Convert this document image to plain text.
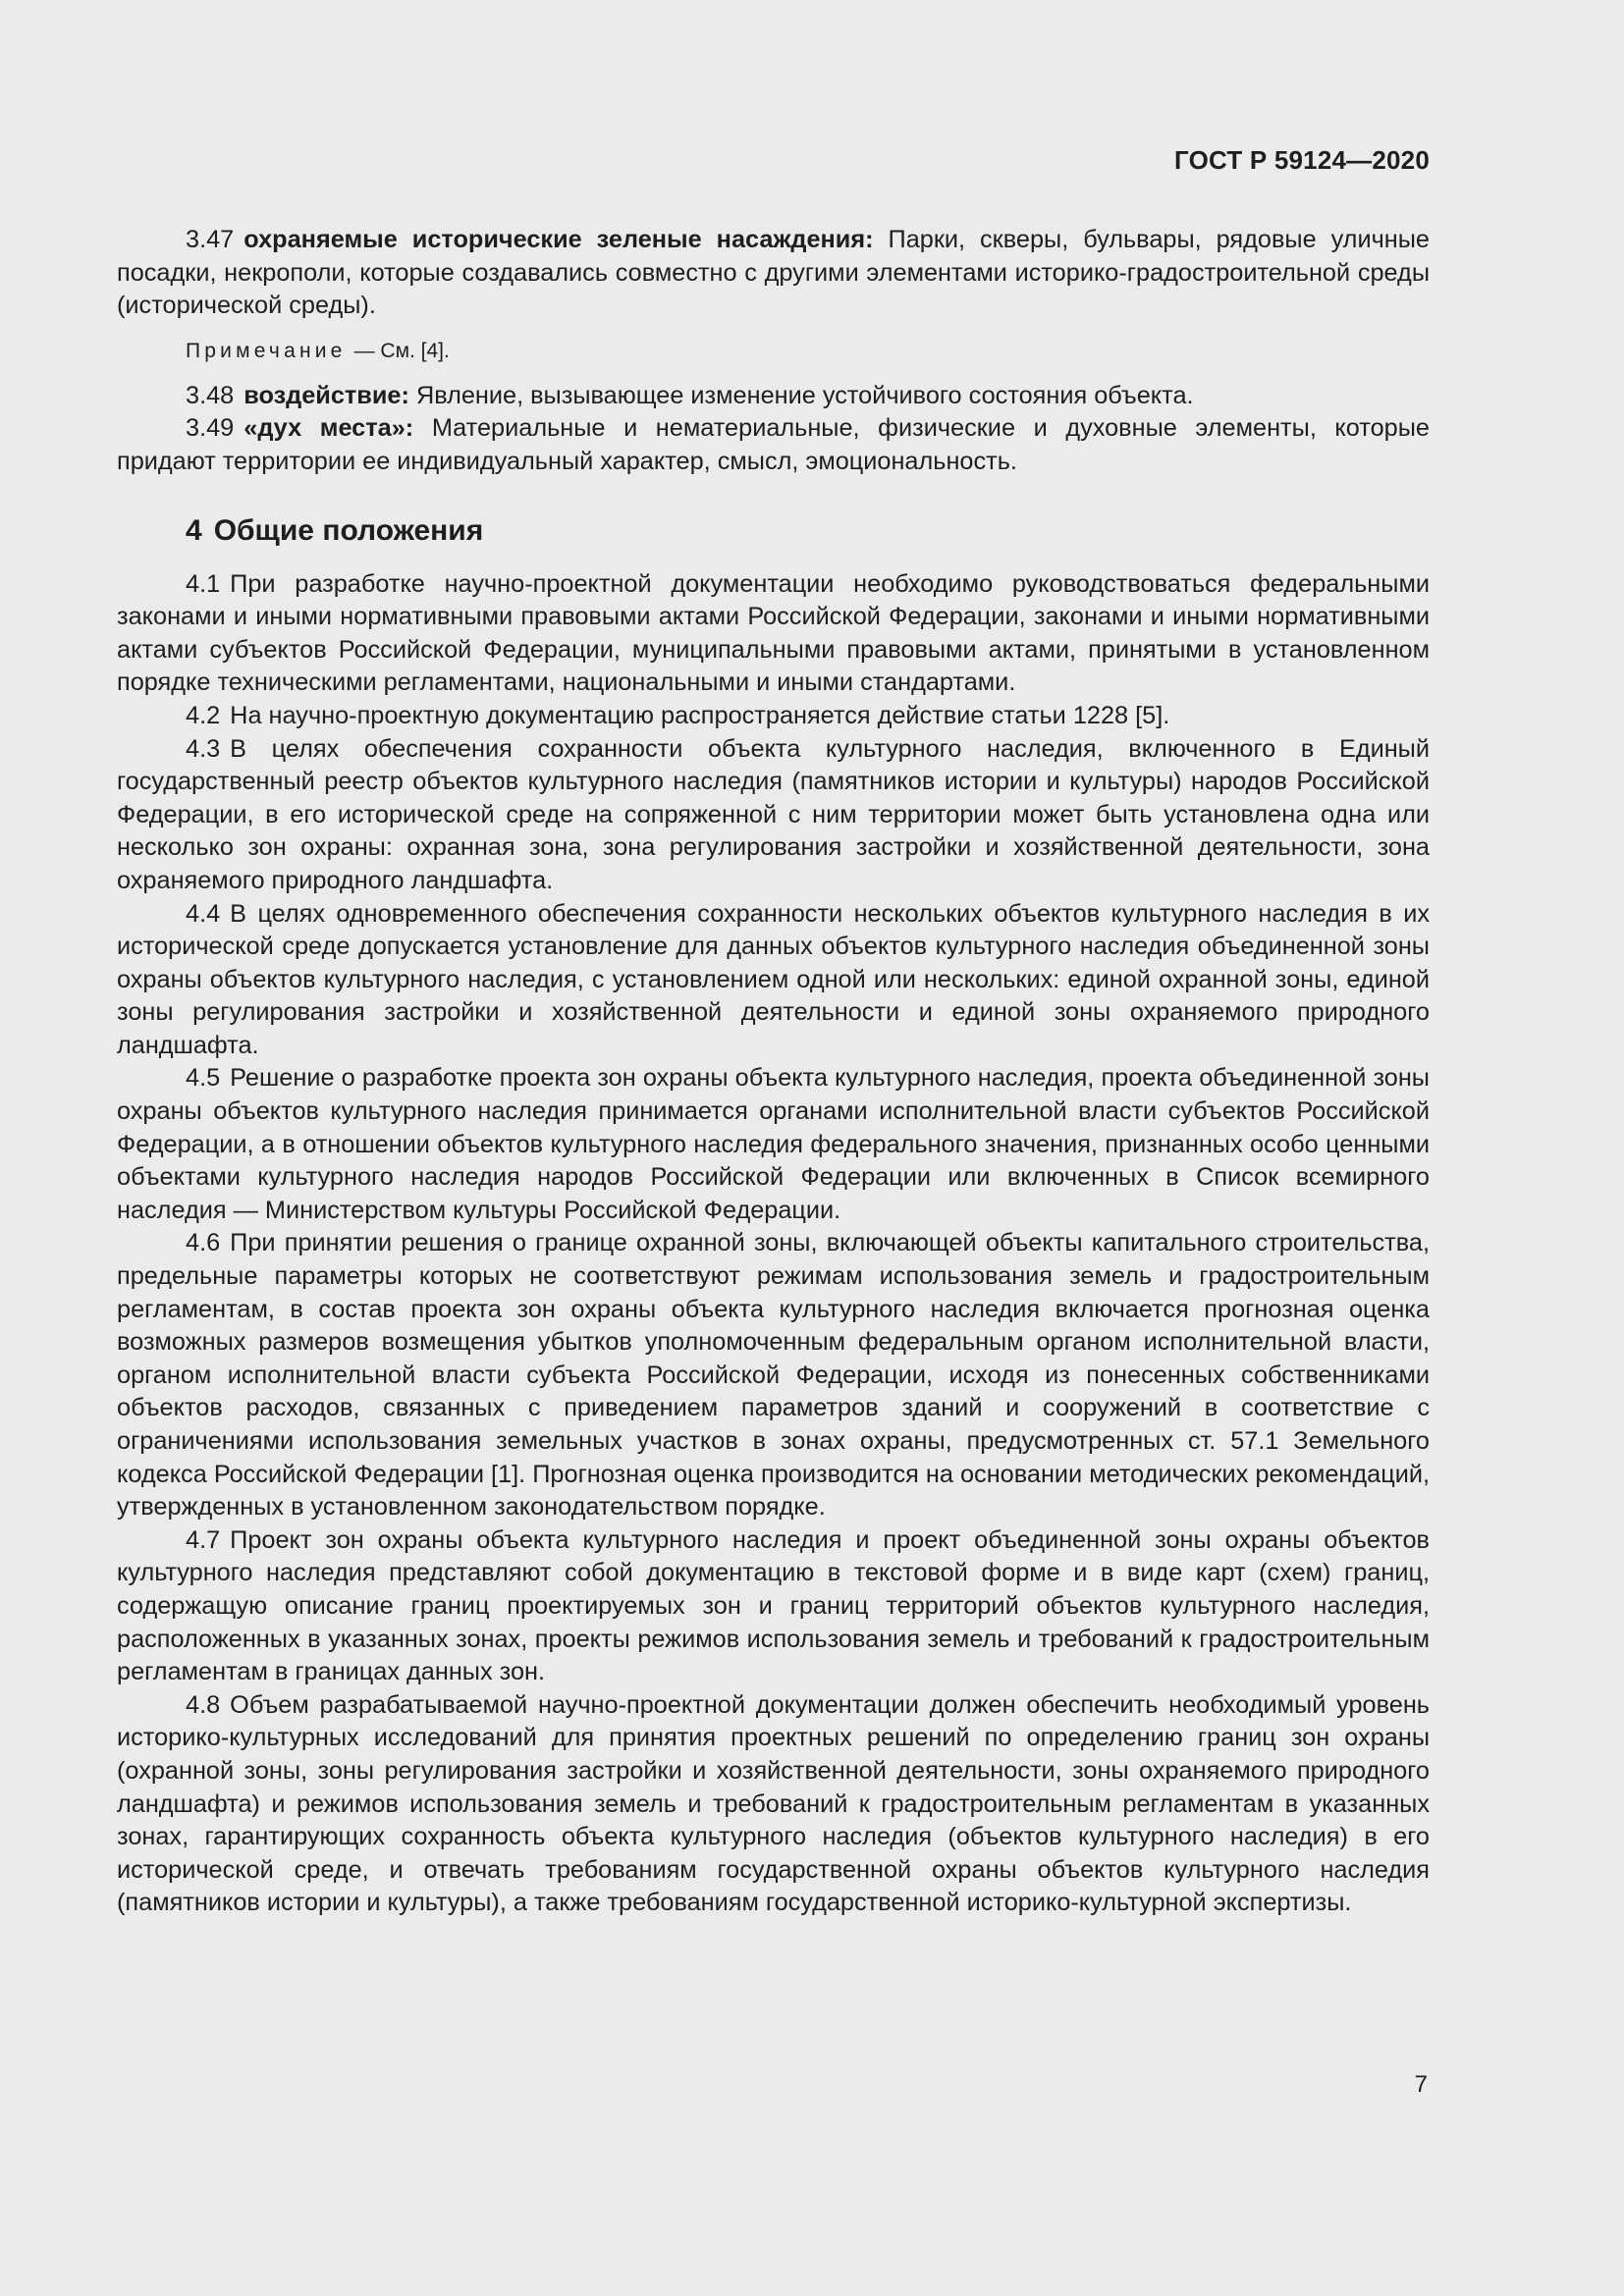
ГОСТ Р 59124—2020

3.47 охраняемые исторические зеленые насаждения: Парки, скверы, бульвары, рядовые уличные посадки, некрополи, которые создавались совместно с другими элементами историко-градостроительной среды (исторической среды).

Примечание — См. [4].

3.48 воздействие: Явление, вызывающее изменение устойчивого состояния объекта.

3.49 «дух места»: Материальные и нематериальные, физические и духовные элементы, которые придают территории ее индивидуальный характер, смысл, эмоциональность.

4 Общие положения

4.1 При разработке научно-проектной документации необходимо руководствоваться федеральными законами и иными нормативными правовыми актами Российской Федерации, законами и иными нормативными актами субъектов Российской Федерации, муниципальными правовыми актами, принятыми в установленном порядке техническими регламентами, национальными и иными стандартами.

4.2 На научно-проектную документацию распространяется действие статьи 1228 [5].

4.3 В целях обеспечения сохранности объекта культурного наследия, включенного в Единый государственный реестр объектов культурного наследия (памятников истории и культуры) народов Российской Федерации, в его исторической среде на сопряженной с ним территории может быть установлена одна или несколько зон охраны: охранная зона, зона регулирования застройки и хозяйственной деятельности, зона охраняемого природного ландшафта.

4.4 В целях одновременного обеспечения сохранности нескольких объектов культурного наследия в их исторической среде допускается установление для данных объектов культурного наследия объединенной зоны охраны объектов культурного наследия, с установлением одной или нескольких: единой охранной зоны, единой зоны регулирования застройки и хозяйственной деятельности и единой зоны охраняемого природного ландшафта.

4.5 Решение о разработке проекта зон охраны объекта культурного наследия, проекта объединенной зоны охраны объектов культурного наследия принимается органами исполнительной власти субъектов Российской Федерации, а в отношении объектов культурного наследия федерального значения, признанных особо ценными объектами культурного наследия народов Российской Федерации или включенных в Список всемирного наследия — Министерством культуры Российской Федерации.

4.6 При принятии решения о границе охранной зоны, включающей объекты капитального строительства, предельные параметры которых не соответствуют режимам использования земель и градостроительным регламентам, в состав проекта зон охраны объекта культурного наследия включается прогнозная оценка возможных размеров возмещения убытков уполномоченным федеральным органом исполнительной власти, органом исполнительной власти субъекта Российской Федерации, исходя из понесенных собственниками объектов расходов, связанных с приведением параметров зданий и сооружений в соответствие с ограничениями использования земельных участков в зонах охраны, предусмотренных ст. 57.1 Земельного кодекса Российской Федерации [1]. Прогнозная оценка производится на основании методических рекомендаций, утвержденных в установленном законодательством порядке.

4.7 Проект зон охраны объекта культурного наследия и проект объединенной зоны охраны объектов культурного наследия представляют собой документацию в текстовой форме и в виде карт (схем) границ, содержащую описание границ проектируемых зон и границ территорий объектов культурного наследия, расположенных в указанных зонах, проекты режимов использования земель и требований к градостроительным регламентам в границах данных зон.

4.8 Объем разрабатываемой научно-проектной документации должен обеспечить необходимый уровень историко-культурных исследований для принятия проектных решений по определению границ зон охраны (охранной зоны, зоны регулирования застройки и хозяйственной деятельности, зоны охраняемого природного ландшафта) и режимов использования земель и требований к градостроительным регламентам в указанных зонах, гарантирующих сохранность объекта культурного наследия (объектов культурного наследия) в его исторической среде, и отвечать требованиям государственной охраны объектов культурного наследия (памятников истории и культуры), а также требованиям государственной историко-культурной экспертизы.

7
